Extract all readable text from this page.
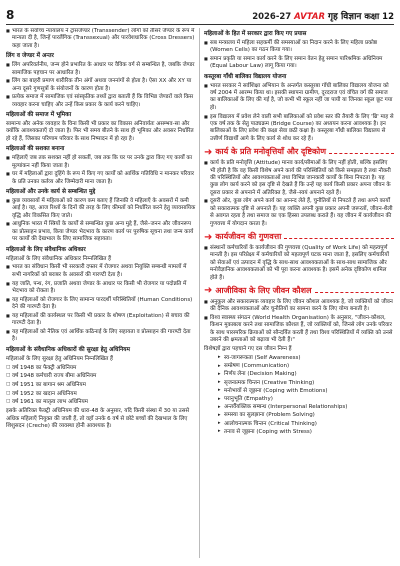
8	2026-27 AVTAR गृह विज्ञान कक्षा 12
■ भारत के सर्वोच्च न्यायालय ने ट्रांसजेण्डर (Transsender) लोगों को तीसरे जेण्डर के रूप में मान्यता दी है, जिन्हें पारलैंगिक (Transsexual) और पारवेशधारिक (Cross Dressers) कहा जाता है।
लिंग व जेण्डर में अन्तर
■ लिंग अपरिवर्तनीय, जन्म होने प्रभारित के आधार पर वैविक वर्ग से सम्बन्धित है, जबकि जेण्डर सामाजिक पहचान पर आधारित है।
■ लिंग का बाहरी प्रमाण शारीरिक तीन अंगों अथवा जननांगों से होता है। ऐसा XX और XY या अन्य दूसरे गुणसूत्रों के संयोजनों के कारण होता है।
■ प्रत्येक समाज में सामाजिक एवं सांस्कृतिक तथ्यों द्वारा बताती हैं कि विभिन्न जेण्डरों वाले किस व्यवहार करना चाहिए और उन्हें किस प्रकार के कार्य करने चाहिए।
महिलाओं की समाज में भूमिका
सामान्य और अनेक व्यवहार के विना किसी भी प्रकार का विकास अनिवार्यतः असम्भव-सा और क्योंकि आवश्यकताएँ दो जाता है। फिर भी समय बीतने के साथ ही भूमिका और अवसर निर्धारित हो रहे हैं, जिसका परिणाम परिवार के साथ निष्पादन में हो रहा है।
महिलाओं की सशक्त बनाना
■ महिलाएँ जब तक सशक्त नहीं हो सकतीं, जब तक कि घर पर उनके द्वारा किए गए कार्यों का मूल्यांकन नहीं किया जाता है।
■ घर में महिलाओं द्वारा दुहिंगे के रूप में किए गए कार्यों को आर्थिक गतिविधि न मानकर परिवार के प्रति उनका कर्तव्य और जिम्मेदारी माना जाता है।
महिलाओं और उनके कार्य से सम्बन्धित मुद्दे
■ कुछ व्यवसायों में महिलाओं को कारण कम बताए हैं जिनकी वे महिलाएँ के अवसरों में कमी आई है। यह, आज रिश्तों के दिनों की तरह के लिए कीमतों को निर्धारित करने हेतु व्यावसायिक वृद्धि और विकसित किए जाते।
■ आधुनिक भारत में स्त्रियों के कार्यों से सम्बन्धित कुछ अन्य मुद्दे हैं, जैसे–जनन और जीवनरूप का प्रोत्साहन प्रभाव, किया जेण्डर भेदभाव के कारण कार्य पर पुरुषिक सूचना तथा जन्म कार्य पर कार्यों की देखभाल के लिए सामाजिक सहायता।
महिलाओं के लिए संवैधानिक अधिकार
महिलाओं के लिए संवैधानिक अधिकार निम्नलिखित हैं
■ भारत का संविधान किसी भी सरकारी दफ्तर में रोजगार अथवा नियुक्ति सम्बन्धी मामलों में सभी नागरिकों को बराबर के अवसरों की गारण्टी देता है।
■ यह जाति, पन्थ, रंग, प्रजाति अथवा जेण्डर के आधार पर किसी भी रोजगार या पदोन्नति में भेदभाव को रोकता है।
■ यह महिलाओं को रोजगार के लिए सामान्य पारदर्शी परिस्थितियों (Human Conditions) देने की गारण्टी देता है।
■ यह महिलाओं की कार्यस्थल पर किसी भी प्रकार के शोषण (Exploitation) से बचाव की गारण्टी देता है।
■ यह महिलाओं को नैतिक एवं आर्थिक कठिनाई के लिए सहायता व प्रोत्साहन की गारण्टी देता है।
महिलाओं के संवैधानिक अधिकारों की सुरक्षा हेतु अधिनियम
महिलाओं के लिए सुरक्षा हेतु अधिनियम निम्नलिखित हैं
□ वर्ष 1948 का फैक्ट्री अधिनियम
□ वर्ष 1948 कर्मचारी राज्य बीमा अधिनियम
□ वर्ष 1951 का बागान श्रम अधिनियम
□ वर्ष 1952 का खदान अधिनियम
□ वर्ष 1961 का मातृत्व लाभ अधिनियम
इसके अतिरिक्त फैक्ट्री अधिनियम की धारा-48 के अनुसार, यदि किसी संस्था में 30 या उससे अधिक महिलाएँ नियुक्त की जाती हैं, तो वहाँ उनके 6 वर्ष से छोटे बच्चों की देखभाल के लिए शिशुसदन (Creche) की व्यवस्था होनी आवश्यक है।
महिलाओं के हित में सरकार द्वारा किए गए प्रयास
■ सब मन्त्रालय में महिला सहकर्मी की समस्याओं का निदान करने के लिए महिला प्रकोष्ठ (Women Cells) का गठन किया गया।
■ समान प्रकृति या समान कार्य करने के लिए समान वेतन हेतु समान पारिश्रमिक अधिनियम (Equal Labour Law) लागू किया गया।
कस्तूरबा गाँधी बालिका विद्यालय योजना
■ भारत सरकार ने सर्वशिक्षा अभियान के अन्तर्गत कस्तूरबा गाँधी बालिका विद्यालय योजना को वर्ष 2004 में आरम्भ किया था। इसकी स्थापना ग्रामीण, दूरदराज एवं वंचित वर्ग की समाज का बालिकाओं के लिए की गई है, जो कभी भी स्कूल नहीं जा पायी या जिनका स्कूल छूट गया हो।
■ इस विद्यालय में प्रवेश लेने वाली सभी बालिकाओं को प्रवेश स्तर की तैयारी के लिए 'ब्रि' माह से एक वर्ष तक के सेतु पाठ्यक्रम (Bridge Course) का अध्ययन करना आवश्यक है। इन बालिकाओं के लिए प्रवेश की कक्षा सेवा छठी कक्षा है। कस्तूरबा गाँधी बालिका विद्यालय से उत्तीर्ण विद्यार्थी आगे के लिए कार्य से शोध कर रहे हैं।
➜ कार्य के प्रति मनोवृत्तियाँ और दृष्टिकोण
■ कार्य के प्रति मनोवृत्ति (Attitude) मानव कार्य/सीमाओं के लिए नहीं होती, बल्कि इसलिए भी होती है कि वह किसी विशेष अपने कार्य की परिस्थितियों को किसे समझता है तथा नौकरी की परिस्थितियों और आवश्यकताओं तथा विभिन्न जानकारी कार्यों के बिना निपटता है। यह कुछ लोग कार्य करने को इस दृष्टि से देखते हैं कि उन्हें यह कार्य किसी प्रकार अपना जीवन के दूसरा प्रकार से अपनाने में अतिरिक्त है, जैसे–स्वयं अपनाने रहते हैं।
■ दूसरी ओर, कुछ लोग अपने कार्य का आनन्द लेते हैं, चुनौतियों से निपटते हैं तथा अपने कार्यों को सकारात्मक दृष्टि से अपनाते हैं। यह व्यक्ति अपनी कुछ प्रकार अपनी जरूरतों, जीवन-शैली से अवगत रहता है तथा समाज का एक हिस्सा उपलब्ध कराते हैं। यह जीवन में कार्यजीवन की गुणवत्ता में योगदान करता है।
➜ कार्यजीवन की गुणवत्ता
■ संस्थानों कर्मचारियों के कार्यजीवन की गुणवत्ता (Quality of Work Life) को महत्वपूर्ण मानती है। इस परिप्रेक्ष्य में कर्मचारियों को महत्वपूर्ण घटक माना जाता है, इसलिए कर्मचारियों को सेवाओं एवं उत्पादन में वृद्धि के साथ-साथ आवश्यकताओं के साथ-साथ सामाजिक और मनोवैज्ञानिक आवश्यकताओं को भी पूरा करना आवश्यक है। इसमें अनेक दृष्टिकोण शामिल होते हैं।
➜ आजीविका के लिए जीवन कौशल
■ अनुकूल और सकारात्मक व्यवहार के लिए जीवन कौशल आवश्यक है, जो व्यक्तियों को जीवन की दैनिक आवश्यकताओं और चुनौतियों का सामना करने के लिए योग्य बनाती है।
■ विश्व स्वास्थ्य संगठन (World Health Organisation) के अनुसार, "जीवन-कौशल, किशन मुकाबला करने तथा सामाजिक कौशल हैं, जो व्यक्तियों को, जिनसे लोग उनके परिवार के साथ पारस्परिक क्रियाओं को सौन्दर्यित करती हैं तथा विश्व परिस्थितियों में व्यक्ति को उनसे उबरने की क्षमताओं को बढ़ावा भी देती हैं।"
विशेषज्ञों द्वारा पहचाने गए दस जीवन निम्न हैं
▸ स्व-जागरूकता (Self Awareness)
▸ सम्प्रेषण (Communication)
▸ निर्णय लेना (Decision Making)
▸ सृजनात्मक चिन्तन (Creative Thinking)
▸ मनोभावों से जूझना (Coping with Emotions)
▸ परानुभूति (Empathy)
▸ अन्तर्वैयक्तिक सम्बन्ध (Interpersonal Relationships)
▸ समस्या का सुलझाना (Problem Solving)
▸ आलोचनात्मक चिन्तन (Critical Thinking)
▸ तनाव से जूझना (Coping with Stress)
